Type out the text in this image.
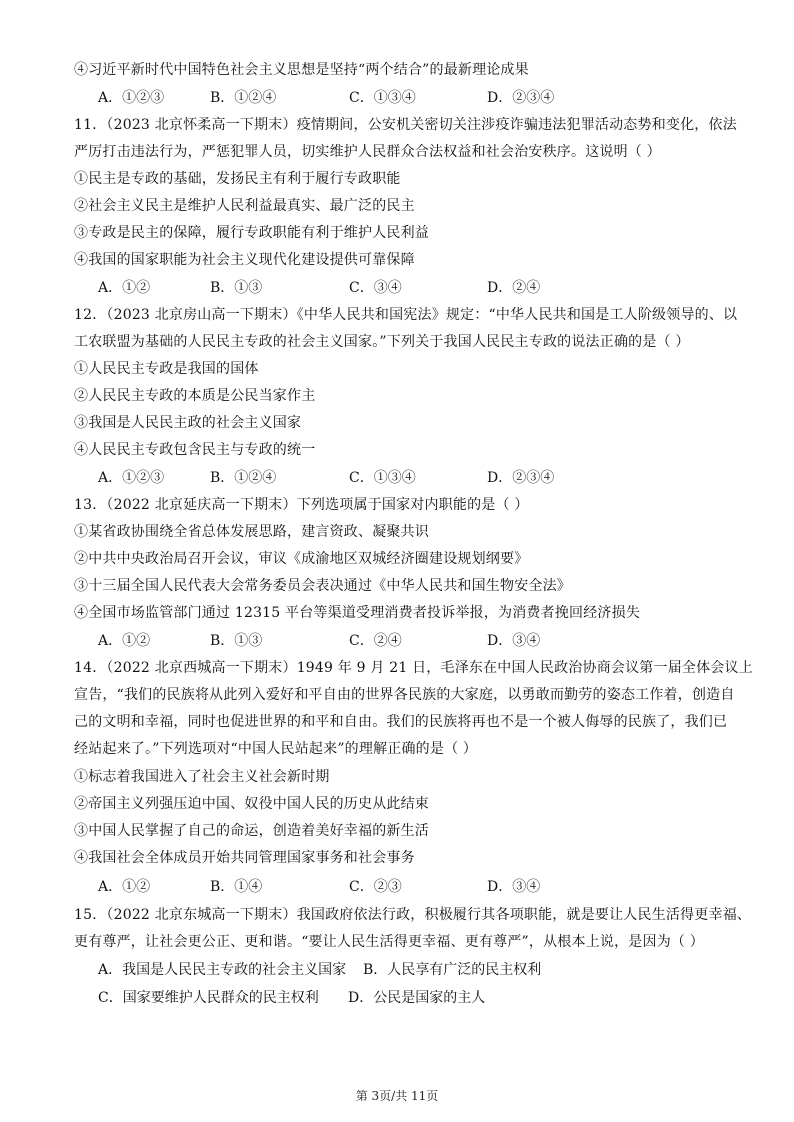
④习近平新时代中国特色社会主义思想是坚持“两个结合”的最新理论成果
A．①②③	B．①②④	C．①③④	D．②③④
11．（2023 北京怀柔高一下期末）疫情期间，公安机关密切关注涉疫诈骗违法犯罪活动态势和变化，依法
严厉打击违法行为，严惩犯罪人员，切实维护人民群众合法权益和社会治安秩序。这说明（ ）
①民主是专政的基础，发扬民主有利于履行专政职能
②社会主义民主是维护人民利益最真实、最广泛的民主
③专政是民主的保障，履行专政职能有利于维护人民利益
④我国的国家职能为社会主义现代化建设提供可靠保障
A．①②	B．①③	C．③④	D．②④
12．（2023 北京房山高一下期末）《中华人民共和国宪法》规定：“中华人民共和国是工人阶级领导的、以
工农联盟为基础的人民民主专政的社会主义国家。”下列关于我国人民民主专政的说法正确的是（ ）
①人民民主专政是我国的国体
②人民民主专政的本质是公民当家作主
③我国是人民民主政的社会主义国家
④人民民主专政包含民主与专政的统一
A．①②③	B．①②④	C．①③④	D．②③④
13．（2022 北京延庆高一下期末）下列选项属于国家对内职能的是（ ）
①某省政协围绕全省总体发展思路，建言资政、凝聚共识
②中共中央政治局召开会议，审议《成渝地区双城经济圈建设规划纲要》
③十三届全国人民代表大会常务委员会表决通过《中华人民共和国生物安全法》
④全国市场监管部门通过 12315 平台等渠道受理消费者投诉举报，为消费者挽回经济损失
A．①②	B．①③	C．②④	D．③④
14．（2022 北京西城高一下期末）1949 年 9 月 21 日，毛泽东在中国人民政治协商会议第一届全体会议上
宣告，“我们的民族将从此列入爱好和平自由的世界各民族的大家庭，以勇敢而勤劳的姿态工作着，创造自
己的文明和幸福，同时也促进世界的和平和自由。我们的民族将再也不是一个被人侮辱的民族了，我们已
经站起来了。”下列选项对“中国人民站起来”的理解正确的是（ ）
①标志着我国进入了社会主义社会新时期
②帝国主义列强压迫中国、奴役中国人民的历史从此结束
③中国人民掌握了自己的命运，创造着美好幸福的新生活
④我国社会全体成员开始共同管理国家事务和社会事务
A．①②	B．①④	C．②③	D．③④
15．（2022 北京东城高一下期末）我国政府依法行政，积极履行其各项职能，就是要让人民生活得更幸福、
更有尊严，让社会更公正、更和谐。“要让人民生活得更幸福、更有尊严”，从根本上说，是因为（ ）
A．我国是人民民主专政的社会主义国家 B．人民享有广泛的民主权利
C．国家要维护人民群众的民主权利 D．公民是国家的主人
第 3页/共 11页
